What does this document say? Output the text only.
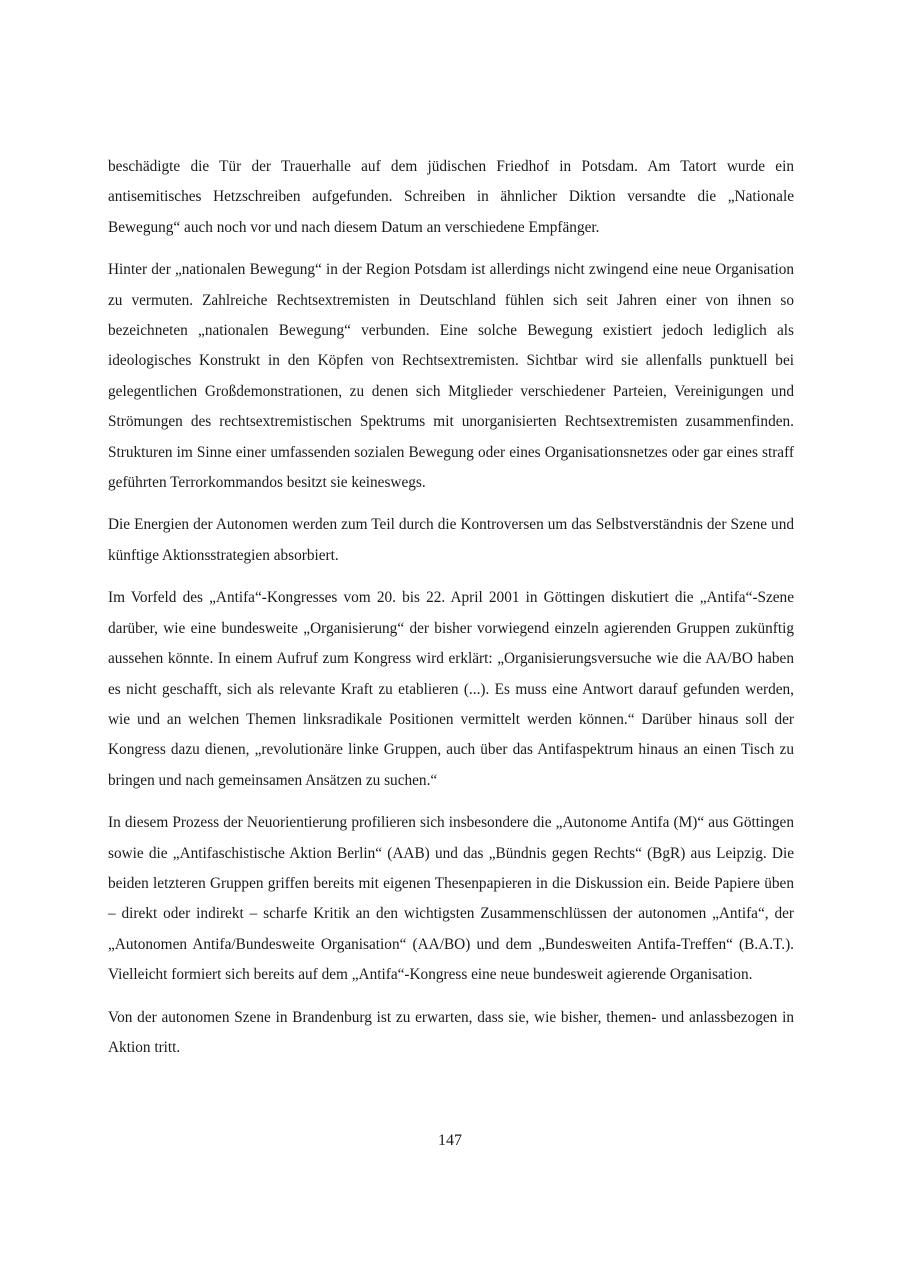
beschädigte die Tür der Trauerhalle auf dem jüdischen Friedhof in Potsdam. Am Tatort wurde ein antisemitisches Hetzschreiben aufgefunden. Schreiben in ähnlicher Diktion versandte die „Nationale Bewegung“ auch noch vor und nach diesem Datum an verschiedene Empfänger.

Hinter der „nationalen Bewegung“ in der Region Potsdam ist allerdings nicht zwingend eine neue Organisation zu vermuten. Zahlreiche Rechtsextremisten in Deutschland fühlen sich seit Jahren einer von ihnen so bezeichneten „nationalen Bewegung“ verbunden. Eine solche Bewegung existiert jedoch lediglich als ideologisches Konstrukt in den Köpfen von Rechtsextremisten. Sichtbar wird sie allenfalls punktuell bei gelegentlichen Großdemonstrationen, zu denen sich Mitglieder verschiedener Parteien, Vereinigungen und Strömungen des rechtsextremistischen Spektrums mit unorganisierten Rechtsextremisten zusammenfinden. Strukturen im Sinne einer umfassenden sozialen Bewegung oder eines Organisationsnetzes oder gar eines straff geführten Terrorkommandos besitzt sie keineswegs.

Die Energien der Autonomen werden zum Teil durch die Kontroversen um das Selbstverständnis der Szene und künftige Aktionsstrategien absorbiert.

Im Vorfeld des „Antifa“-Kongresses vom 20. bis 22. April 2001 in Göttingen diskutiert die „Antifa“-Szene darüber, wie eine bundesweite „Organisierung“ der bisher vorwiegend einzeln agierenden Gruppen zukünftig aussehen könnte. In einem Aufruf zum Kongress wird erklärt: „Organisierungsversuche wie die AA/BO haben es nicht geschafft, sich als relevante Kraft zu etablieren (...). Es muss eine Antwort darauf gefunden werden, wie und an welchen Themen linksradikale Positionen vermittelt werden können.“ Darüber hinaus soll der Kongress dazu dienen, „revolutionäre linke Gruppen, auch über das Antifaspektrum hinaus an einen Tisch zu bringen und nach gemeinsamen Ansätzen zu suchen.“

In diesem Prozess der Neuorientierung profilieren sich insbesondere die „Autonome Antifa (M)“ aus Göttingen sowie die „Antifaschistische Aktion Berlin“ (AAB) und das „Bündnis gegen Rechts“ (BgR) aus Leipzig. Die beiden letzteren Gruppen griffen bereits mit eigenen Thesenpapieren in die Diskussion ein. Beide Papiere üben – direkt oder indirekt – scharfe Kritik an den wichtigsten Zusammenschlüssen der autonomen „Antifa“, der „Autonomen Antifa/Bundesweite Organisation“ (AA/BO) und dem „Bundesweiten Antifa-Treffen“ (B.A.T.). Vielleicht formiert sich bereits auf dem „Antifa“-Kongress eine neue bundesweit agierende Organisation.

Von der autonomen Szene in Brandenburg ist zu erwarten, dass sie, wie bisher, themen- und anlassbezogen in Aktion tritt.

147
